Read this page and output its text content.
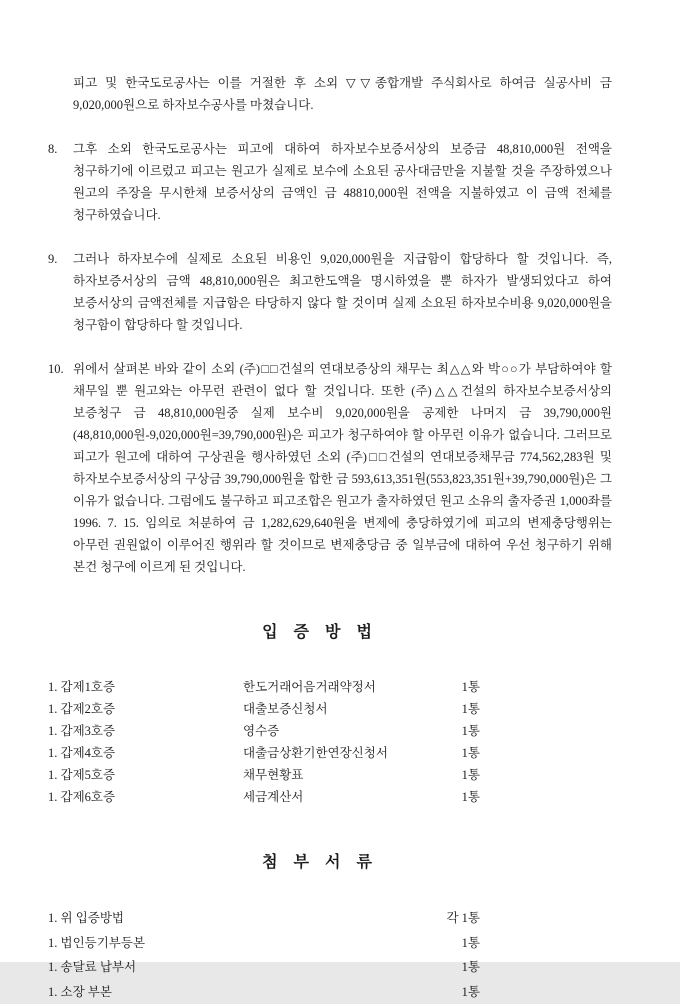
피고 및 한국도로공사는 이를 거절한 후 소외 ▽▽종합개발 주식회사로 하여금 실공사비 금 9,020,000원으로 하자보수공사를 마쳤습니다.

8.	그후 소외 한국도로공사는 피고에 대하여 하자보수보증서상의 보증금 48,810,000원 전액을 청구하기에 이르렀고 피고는 원고가 실제로 보수에 소요된 공사대금만을 지불할 것을 주장하였으나 원고의 주장을 무시한채 보증서상의 금액인 금 48810,000원 전액을 지불하였고 이 금액 전체를 청구하였습니다.
9.	그러나 하자보수에 실제로 소요된 비용인 9,020,000원을 지급함이 합당하다 할 것입니다. 즉, 하자보증서상의 금액 48,810,000원은 최고한도액을 명시하였을 뿐 하자가 발생되었다고 하여 보증서상의 금액전체를 지급함은 타당하지 않다 할 것이며 실제 소요된 하자보수비용 9,020,000원을 청구함이 합당하다 할 것입니다.
10. 위에서 살펴본 바와 같이 소외 (주)□□건설의 연대보증상의 채무는 최△△와 박○○가 부담하여야 할 채무일 뿐 원고와는 아무런 관련이 없다 할 것입니다. 또한 (주)△△건설의 하자보수보증서상의 보증청구 금 48,810,000원중 실제 보수비 9,020,000원을 공제한 나머지 금 39,790,000원(48,810,000원-9,020,000원=39,790,000원)은 피고가 청구하여야 할 아무런 이유가 없습니다. 그러므로 피고가 원고에 대하여 구상권을 행사하였던 소외 (주)□□건설의 연대보증채무금 774,562,283원 및 하자보수보증서상의 구상금 39,790,000원을 합한 금 593,613,351원(553,823,351원+39,790,000원)은 그 이유가 없습니다. 그럼에도 불구하고 피고조합은 원고가 출자하였던 원고 소유의 출자증권 1,000좌를 1996. 7. 15. 임의로 처분하여 금 1,282,629,640원을 변제에 충당하였기에 피고의 변제충당행위는 아무런 권원없이 이루어진 행위라 할 것이므로 변제충당금 중 일부금에 대하여 우선 청구하기 위해 본건 청구에 이르게 된 것입니다.
입 증 방 법
1. 갑제1호증	한도거래어음거래약정서	1통
1. 갑제2호증	대출보증신청서	1통
1. 갑제3호증	영수증	1통
1. 갑제4호증	대출금상환기한연장신청서	1통
1. 갑제5호증	채무현황표	1통
1. 갑제6호증	세금계산서	1통
첨 부 서 류
1. 위 입증방법	각 1통
1. 법인등기부등본	1통
1. 송달료 납부서	1통
1. 소장 부본	1통
